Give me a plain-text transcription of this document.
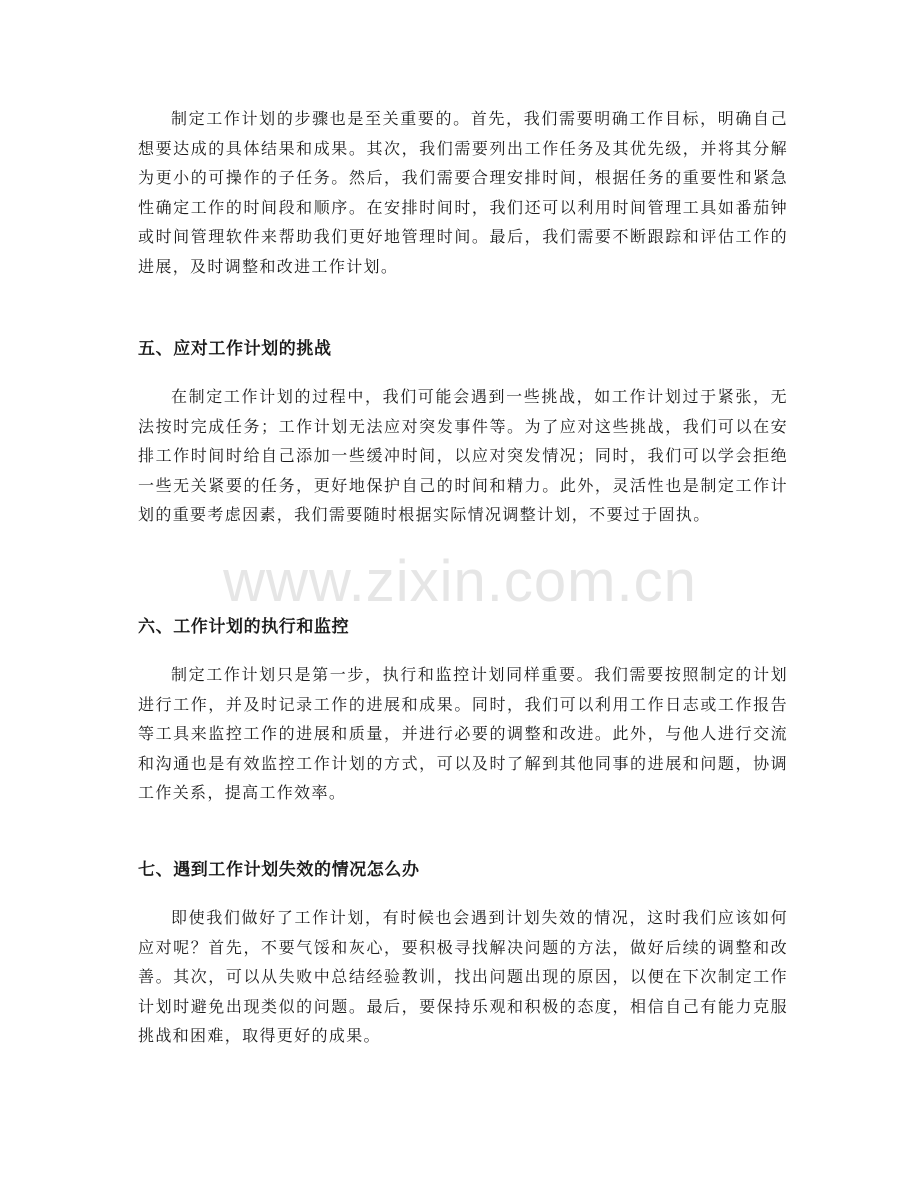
www.zixin.com.cn

制定工作计划的步骤也是至关重要的。首先，我们需要明确工作目标，明确自己想要达成的具体结果和成果。其次，我们需要列出工作任务及其优先级，并将其分解为更小的可操作的子任务。然后，我们需要合理安排时间，根据任务的重要性和紧急性确定工作的时间段和顺序。在安排时间时，我们还可以利用时间管理工具如番茄钟或时间管理软件来帮助我们更好地管理时间。最后，我们需要不断跟踪和评估工作的进展，及时调整和改进工作计划。

五、应对工作计划的挑战

在制定工作计划的过程中，我们可能会遇到一些挑战，如工作计划过于紧张，无法按时完成任务；工作计划无法应对突发事件等。为了应对这些挑战，我们可以在安排工作时间时给自己添加一些缓冲时间，以应对突发情况；同时，我们可以学会拒绝一些无关紧要的任务，更好地保护自己的时间和精力。此外，灵活性也是制定工作计划的重要考虑因素，我们需要随时根据实际情况调整计划，不要过于固执。

六、工作计划的执行和监控

制定工作计划只是第一步，执行和监控计划同样重要。我们需要按照制定的计划进行工作，并及时记录工作的进展和成果。同时，我们可以利用工作日志或工作报告等工具来监控工作的进展和质量，并进行必要的调整和改进。此外，与他人进行交流和沟通也是有效监控工作计划的方式，可以及时了解到其他同事的进展和问题，协调工作关系，提高工作效率。

七、遇到工作计划失效的情况怎么办

即使我们做好了工作计划，有时候也会遇到计划失效的情况，这时我们应该如何应对呢？首先，不要气馁和灰心，要积极寻找解决问题的方法，做好后续的调整和改善。其次，可以从失败中总结经验教训，找出问题出现的原因，以便在下次制定工作计划时避免出现类似的问题。最后，要保持乐观和积极的态度，相信自己有能力克服挑战和困难，取得更好的成果。
